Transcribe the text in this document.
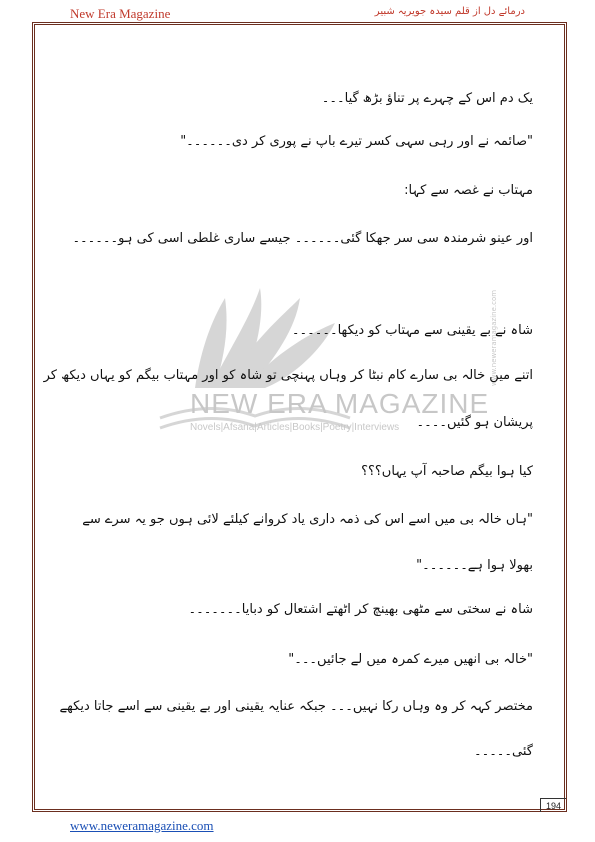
New Era Magazine	درمائے دل از قلم سیدہ جویریہ شبیر
NEW ERA MAGAZINE
Novels|Afsana|Articles|Books|Poetry|Interviews
www.neweramagazine.com
یک دم اس کے چہرے پر تناؤ بڑھ گیا۔۔۔
"صائمہ نے اور رہی سہی کسر تیرے باپ نے پوری کر دی۔۔۔۔۔۔"
مہتاب نے غصہ سے کہا:
اور عینو شرمندہ سی سر جھکا گئی۔۔۔۔۔۔ جیسے ساری غلطی اسی کی ہو۔۔۔۔۔۔
شاہ نے بے یقینی سے مہتاب کو دیکھا۔۔۔۔۔۔
اتنے میں خالہ بی سارے کام نبٹا کر وہاں پہنچی تو شاہ کو اور مہتاب بیگم کو یہاں دیکھ کر
پریشان ہو گئیں۔۔۔۔
کیا ہوا بیگم صاحبہ آپ یہاں؟؟؟
"ہاں خالہ بی میں اسے اس کی ذمہ داری یاد کروانے کیلئے لائی ہوں جو یہ سرے سے
بھولا ہوا ہے۔۔۔۔۔۔"
شاہ نے سختی سے مٹھی بھینچ کر اٹھتے اشتعال کو دبایا۔۔۔۔۔۔۔
"خالہ بی انھیں میرے کمرہ میں لے جائیں۔۔۔"
مختصر کہہ کر وہ وہاں رکا نہیں۔۔۔ جبکہ عنایہ یقینی اور بے یقینی سے اسے جاتا دیکھے
گئی۔۔۔۔۔
194
www.neweramagazine.com
